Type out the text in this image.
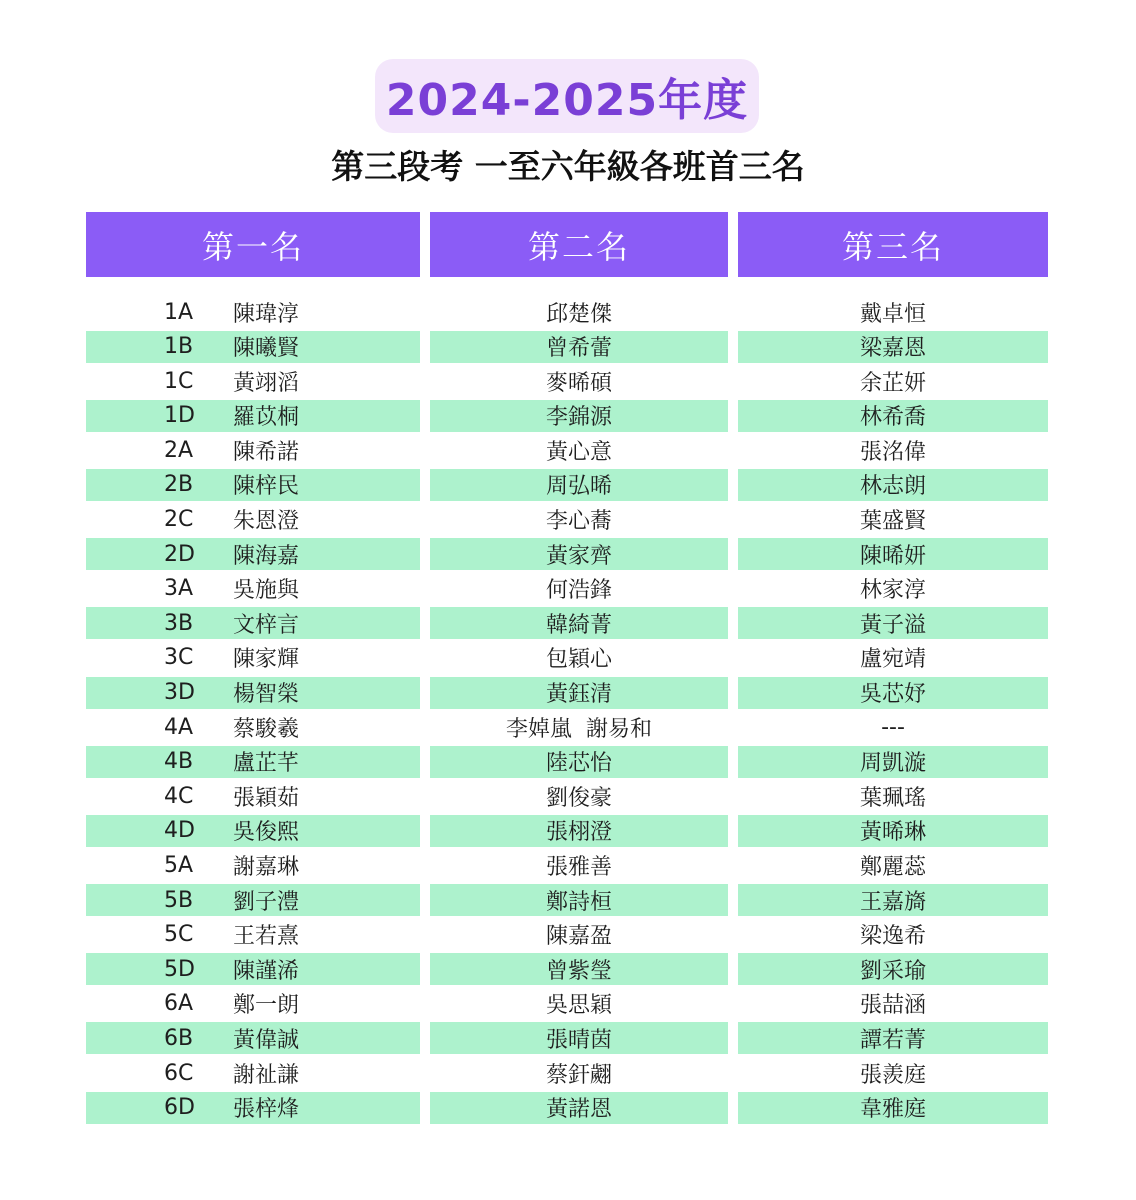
2024-2025年度
第三段考 一至六年級各班首三名
第一名	第二名	第三名
1A 陳瑋淳	邱楚傑	戴卓恒
1B 陳曦賢	曾希蕾	梁嘉恩
1C 黃翊滔	麥晞碩	余芷妍
1D 羅苡桐	李錦源	林希喬
2A 陳希諾	黃心意	張洺偉
2B 陳梓民	周弘晞	林志朗
2C 朱恩澄	李心蕎	葉盛賢
2D 陳海嘉	黃家齊	陳晞妍
3A 吳施與	何浩鋒	林家淳
3B 文梓言	韓綺菁	黃子溢
3C 陳家輝	包穎心	盧宛靖
3D 楊智榮	黃鈺清	吳芯妤
4A 蔡駿羲	李婥嵐  謝易和	---
4B 盧芷芊	陸芯怡	周凱漩
4C 張穎茹	劉俊豪	葉珮瑤
4D 吳俊熙	張栩澄	黃晞琳
5A 謝嘉琳	張雅善	鄭麗蕊
5B 劉子澧	鄭詩桓	王嘉旖
5C 王若熹	陳嘉盈	梁逸希
5D 陳謹浠	曾紫瑩	劉采瑜
6A 鄭一朗	吳思穎	張喆涵
6B 黃偉誠	張晴茵	譚若菁
6C 謝祉謙	蔡釬翽	張羨庭
6D 張梓烽	黃諾恩	韋雅庭
